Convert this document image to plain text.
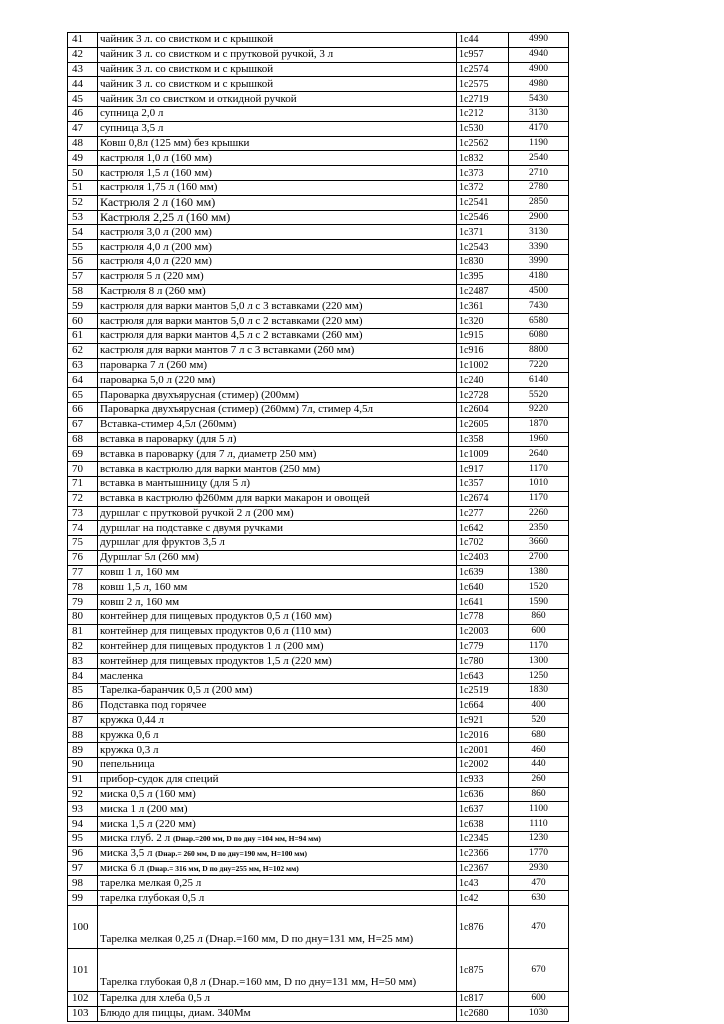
41	чайник 3 л. со свистком и с крышкой	1с44	4990
42	чайник 3 л. со свистком и с прутковой ручкой, 3 л	1с957	4940
43	чайник 3 л. со свистком и с крышкой	1с2574	4900
44	чайник 3 л. со свистком и с крышкой	1с2575	4980
45	чайник 3л со свистком и откидной ручкой	1с2719	5430
46	супница 2,0 л	1с212	3130
47	супница 3,5 л	1с530	4170
48	Ковш 0,8л (125 мм) без крышки	1с2562	1190
49	кастрюля 1,0 л (160 мм)	1с832	2540
50	кастрюля 1,5 л (160 мм)	1с373	2710
51	кастрюля 1,75 л (160 мм)	1с372	2780
52	Кастрюля 2 л (160 мм)	1с2541	2850
53	Кастрюля 2,25 л (160 мм)	1с2546	2900
54	кастрюля 3,0 л (200 мм)	1с371	3130
55	кастрюля 4,0 л (200 мм)	1с2543	3390
56	кастрюля 4,0 л (220 мм)	1с830	3990
57	кастрюля 5 л (220 мм)	1с395	4180
58	Кастрюля 8 л (260 мм)	1с2487	4500
59	кастрюля для варки мантов 5,0 л с 3 вставками (220 мм)	1с361	7430
60	кастрюля для варки мантов 5,0 л с 2 вставками (220 мм)	1с320	6580
61	кастрюля для варки мантов 4,5 л с 2 вставками (260 мм)	1с915	6080
62	кастрюля для варки мантов 7 л с 3 вставками (260 мм)	1с916	8800
63	пароварка 7 л (260 мм)	1с1002	7220
64	пароварка 5,0 л (220 мм)	1с240	6140
65	Пароварка двухъярусная (стимер) (200мм)	1с2728	5520
66	Пароварка двухъярусная (стимер) (260мм) 7л, стимер 4,5л	1с2604	9220
67	Вставка-стимер 4,5л (260мм)	1с2605	1870
68	вставка в пароварку (для 5 л)	1с358	1960
69	вставка в пароварку (для 7 л, диаметр 250 мм)	1с1009	2640
70	вставка в кастрюлю для варки мантов (250 мм)	1с917	1170
71	вставка в мантышницу (для 5 л)	1с357	1010
72	вставка в кастрюлю ф260мм для варки макарон и овощей	1с2674	1170
73	дуршлаг с прутковой ручкой 2 л (200 мм)	1с277	2260
74	дуршлаг на подставке с двумя ручками	1с642	2350
75	дуршлаг для фруктов 3,5 л	1с702	3660
76	Дуршлаг 5л (260 мм)	1с2403	2700
77	ковш 1 л, 160 мм	1с639	1380
78	ковш 1,5 л, 160 мм	1с640	1520
79	ковш 2 л, 160 мм	1с641	1590
80	контейнер для пищевых продуктов 0,5 л (160 мм)	1с778	860
81	контейнер для пищевых продуктов 0,6 л (110 мм)	1с2003	600
82	контейнер для пищевых продуктов 1 л (200 мм)	1с779	1170
83	контейнер для пищевых продуктов 1,5 л (220 мм)	1с780	1300
84	масленка	1с643	1250
85	Тарелка-баранчик 0,5 л (200 мм)	1с2519	1830
86	Подставка под горячее	1с664	400
87	кружка 0,44 л	1с921	520
88	кружка 0,6 л	1с2016	680
89	кружка 0,3 л	1с2001	460
90	пепельница	1с2002	440
91	прибор-судок для специй	1с933	260
92	миска 0,5 л (160 мм)	1с636	860
93	миска 1 л (200 мм)	1с637	1100
94	миска 1,5 л (220 мм)	1с638	1110
95	миска глуб. 2 л (Dнар.=200 мм, D по дну =104 мм, H=94 мм)	1с2345	1230
96	миска 3,5 л (Dнар.= 260 мм, D по дну=190 мм, H=100 мм)	1с2366	1770
97	миска 6 л (Dнар.= 316 мм, D по дну=255 мм, H=102 мм)	1с2367	2930
98	тарелка мелкая 0,25 л	1с43	470
99	тарелка глубокая 0,5 л	1с42	630
100	Тарелка мелкая 0,25 л (Dнар.=160 мм, D по дну=131 мм, H=25 мм)	1с876	470
101	Тарелка глубокая 0,8 л (Dнар.=160 мм, D по дну=131 мм, H=50 мм)	1с875	670
102	Тарелка для хлеба 0,5 л	1с817	600
103	Блюдо для пиццы, диам. 340Мм	1с2680	1030
